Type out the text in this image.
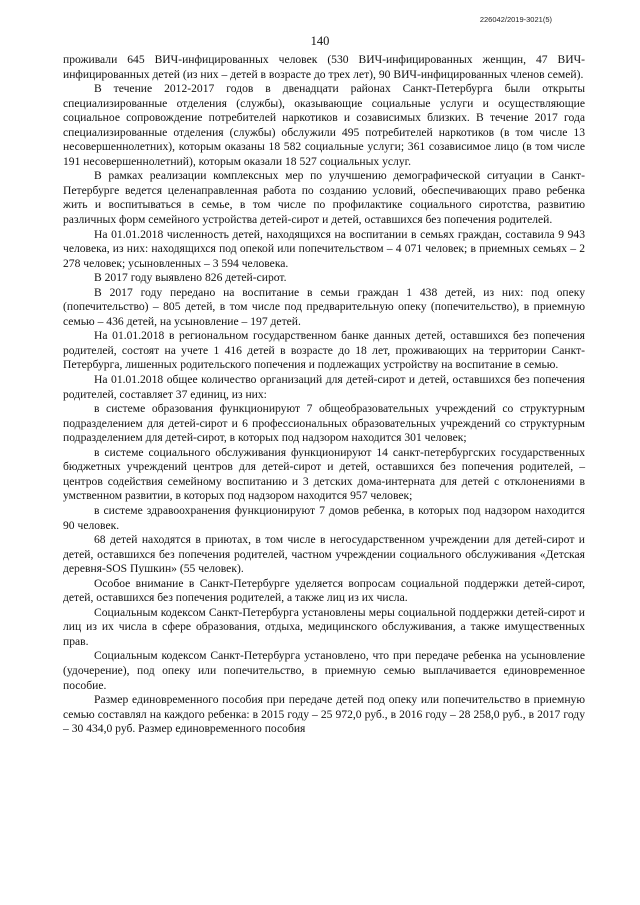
226042/2019-3021(5)
140

проживали 645 ВИЧ-инфицированных человек (530 ВИЧ-инфицированных женщин, 47 ВИЧ-инфицированных детей (из них – детей в возрасте до трех лет), 90 ВИЧ-инфицированных членов семей).

В течение 2012-2017 годов в двенадцати районах Санкт-Петербурга были открыты специализированные отделения (службы), оказывающие социальные услуги и осуществляющие социальное сопровождение потребителей наркотиков и созависимых близких. В течение 2017 года специализированные отделения (службы) обслужили 495 потребителей наркотиков (в том числе 13 несовершеннолетних), которым оказаны 18 582 социальные услуги; 361 созависимое лицо (в том числе 191 несовершеннолетний), которым оказали 18 527 социальных услуг.

В рамках реализации комплексных мер по улучшению демографической ситуации в Санкт-Петербурге ведется целенаправленная работа по созданию условий, обеспечивающих право ребенка жить и воспитываться в семье, в том числе по профилактике социального сиротства, развитию различных форм семейного устройства детей-сирот и детей, оставшихся без попечения родителей.

На 01.01.2018 численность детей, находящихся на воспитании в семьях граждан, составила 9 943 человека, из них: находящихся под опекой или попечительством – 4 071 человек; в приемных семьях – 2 278 человек; усыновленных – 3 594 человека.

В 2017 году выявлено 826 детей-сирот.

В 2017 году передано на воспитание в семьи граждан 1 438 детей, из них: под опеку (попечительство) – 805 детей, в том числе под предварительную опеку (попечительство), в приемную семью – 436 детей, на усыновление – 197 детей.

На 01.01.2018 в региональном государственном банке данных детей, оставшихся без попечения родителей, состоят на учете 1 416 детей в возрасте до 18 лет, проживающих на территории Санкт-Петербурга, лишенных родительского попечения и подлежащих устройству на воспитание в семью.

На 01.01.2018 общее количество организаций для детей-сирот и детей, оставшихся без попечения родителей, составляет 37 единиц, из них:

в системе образования функционируют 7 общеобразовательных учреждений со структурным подразделением для детей-сирот и 6 профессиональных образовательных учреждений со структурным подразделением для детей-сирот, в которых под надзором находится 301 человек;

в системе социального обслуживания функционируют 14 санкт-петербургских государственных бюджетных учреждений центров для детей-сирот и детей, оставшихся без попечения родителей, – центров содействия семейному воспитанию и 3 детских дома-интерната для детей с отклонениями в умственном развитии, в которых под надзором находится 957 человек;

в системе здравоохранения функционируют 7 домов ребенка, в которых под надзором находится 90 человек.

68 детей находятся в приютах, в том числе в негосударственном учреждении для детей-сирот и детей, оставшихся без попечения родителей, частном учреждении социального обслуживания «Детская деревня-SOS Пушкин» (55 человек).

Особое внимание в Санкт-Петербурге уделяется вопросам социальной поддержки детей-сирот, детей, оставшихся без попечения родителей, а также лиц из их числа.

Социальным кодексом Санкт-Петербурга установлены меры социальной поддержки детей-сирот и лиц из их числа в сфере образования, отдыха, медицинского обслуживания, а также имущественных прав.

Социальным кодексом Санкт-Петербурга установлено, что при передаче ребенка на усыновление (удочерение), под опеку или попечительство, в приемную семью выплачивается единовременное пособие.

Размер единовременного пособия при передаче детей под опеку или попечительство в приемную семью составлял на каждого ребенка: в 2015 году – 25 972,0 руб., в 2016 году – 28 258,0 руб., в 2017 году – 30 434,0 руб. Размер единовременного пособия
